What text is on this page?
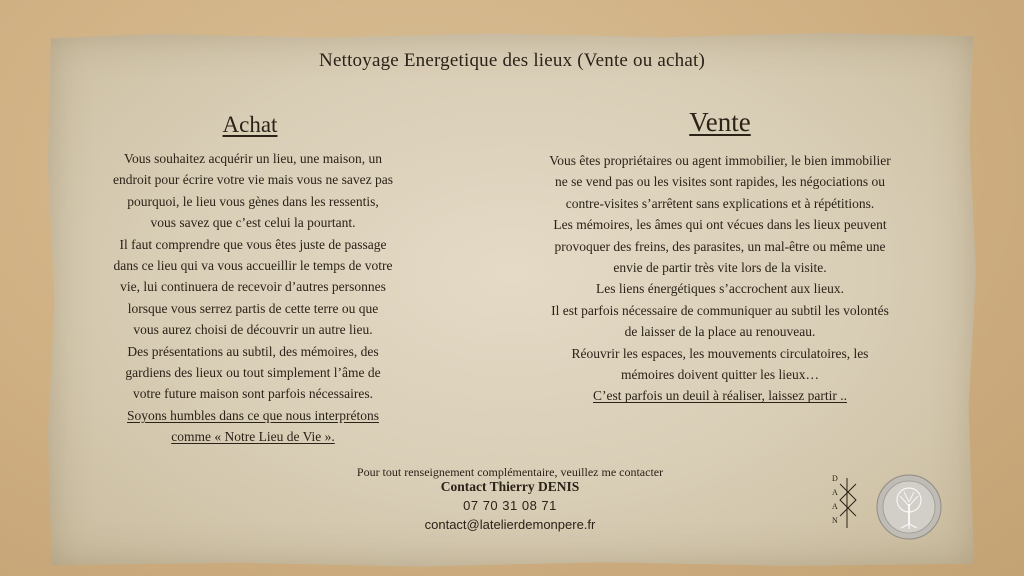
Nettoyage Energetique des lieux (Vente ou achat)
Achat

Vous souhaitez acquérir un lieu, une maison, un

endroit pour écrire votre vie mais vous ne savez pas

pourquoi, le lieu vous gènes dans les ressentis,

vous savez que c’est celui la pourtant.

Il faut comprendre que vous êtes juste de passage

dans ce lieu qui va vous accueillir le temps de votre

vie, lui continuera de recevoir d’autres personnes

lorsque vous serrez partis de cette terre ou que

vous aurez choisi de découvrir un autre lieu.

Des présentations au subtil, des mémoires, des

gardiens des lieux ou tout simplement l’âme de

votre future maison sont parfois nécessaires.

Soyons humbles dans ce que nous interprétons

comme « Notre Lieu de Vie ».

Vente

Vous êtes propriétaires ou agent immobilier, le bien immobilier

ne se vend pas ou les visites sont rapides, les négociations ou

contre-visites s’arrêtent sans explications et à répétitions.

Les mémoires, les âmes qui ont vécues dans les lieux peuvent

provoquer des freins, des parasites, un mal-être ou même une

envie de partir très vite lors de la visite.

Les liens énergétiques s’accrochent aux lieux.

Il est parfois nécessaire de communiquer au subtil les volontés

de laisser de la place au renouveau.

Réouvrir les espaces, les mouvements circulatoires, les

mémoires doivent quitter les lieux…

C’est parfois un deuil à réaliser, laissez partir ..

Pour tout renseignement complémentaire, veuillez me contacter
Contact Thierry DENIS
07 70 31 08 71
contact@latelierdemonpere.fr
D
A
A
N
